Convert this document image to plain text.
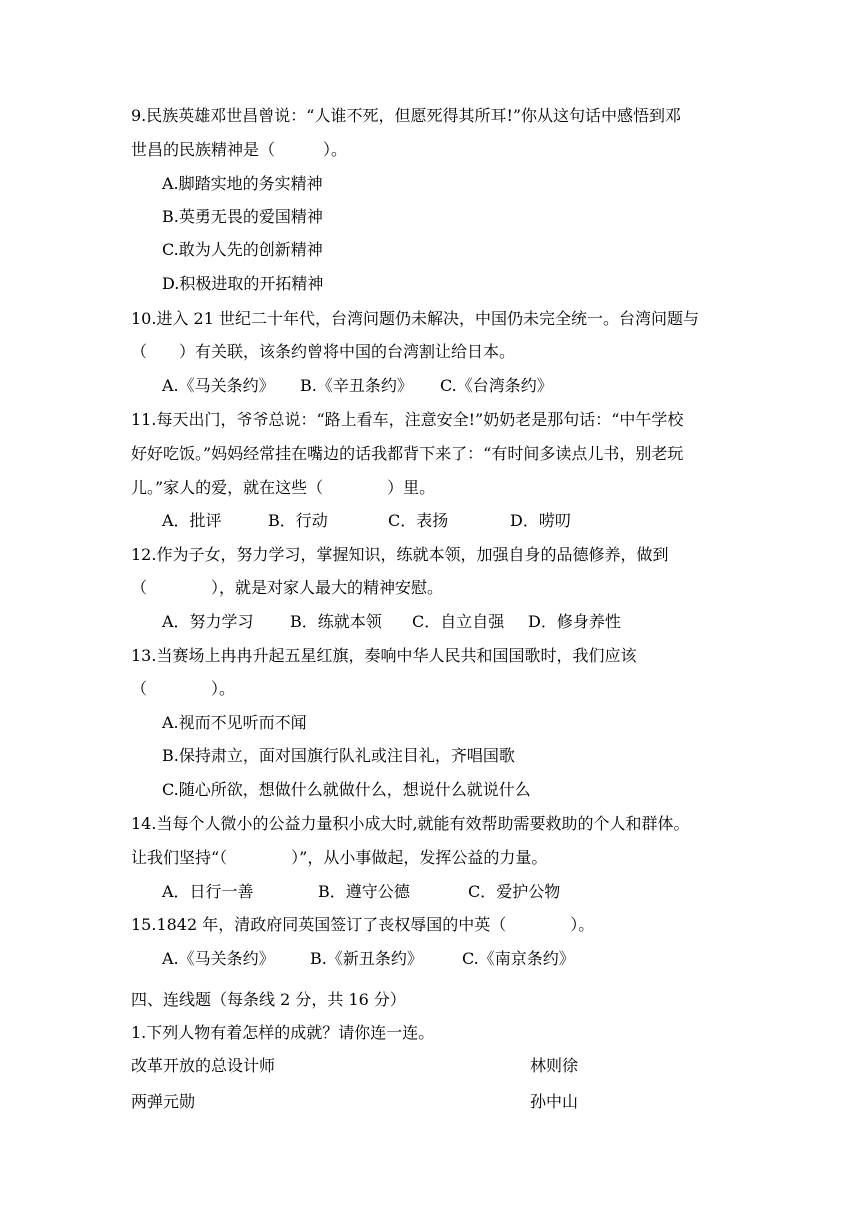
9.民族英雄邓世昌曾说：“人谁不死，但愿死得其所耳!”你从这句话中感悟到邓
世昌的民族精神是（　　　）。
A.脚踏实地的务实精神
B.英勇无畏的爱国精神
C.敢为人先的创新精神
D.积极进取的开拓精神
10.进入 21 世纪二十年代，台湾问题仍未解决，中国仍未完全统一。台湾问题与
（　　）有关联，该条约曾将中国的台湾割让给日本。

A.《马关条约》

B.《辛丑条约》

C.《台湾条约》

11.每天出门，爷爷总说：“路上看车，注意安全!”奶奶老是那句话：“中午学校
好好吃饭。”妈妈经常挂在嘴边的话我都背下来了：“有时间多读点儿书，别老玩
儿。”家人的爱，就在这些（　　　　）里。

A．批评

	B．行动

	C．表扬

	D．唠叨

12.作为子女，努力学习，掌握知识，练就本领，加强自身的品德修养，做到
（　　　　），就是对家人最大的精神安慰。

A．努力学习

B．练就本领

C．自立自强

D．修身养性

13.当赛场上冉冉升起五星红旗，奏响中华人民共和国国歌时，我们应该
（　　　　）。
A.视而不见听而不闻
B.保持肃立，面对国旗行队礼或注目礼，齐唱国歌
C.随心所欲，想做什么就做什么，想说什么就说什么
14.当每个人微小的公益力量积小成大时,就能有效帮助需要救助的个人和群体。
让我们坚持“（　　　　）”，从小事做起，发挥公益的力量。

A．日行一善

	B．遵守公德

	C．爱护公物

15.1842 年，清政府同英国签订了丧权辱国的中英（　　　　）。

A.《马关条约》

B.《新丑条约》

C.《南京条约》

四、连线题（每条线 2 分，共 16 分）
1.下列人物有着怎样的成就？请你连一连。
改革开放的总设计师	林则徐
两弹元勋	孙中山
